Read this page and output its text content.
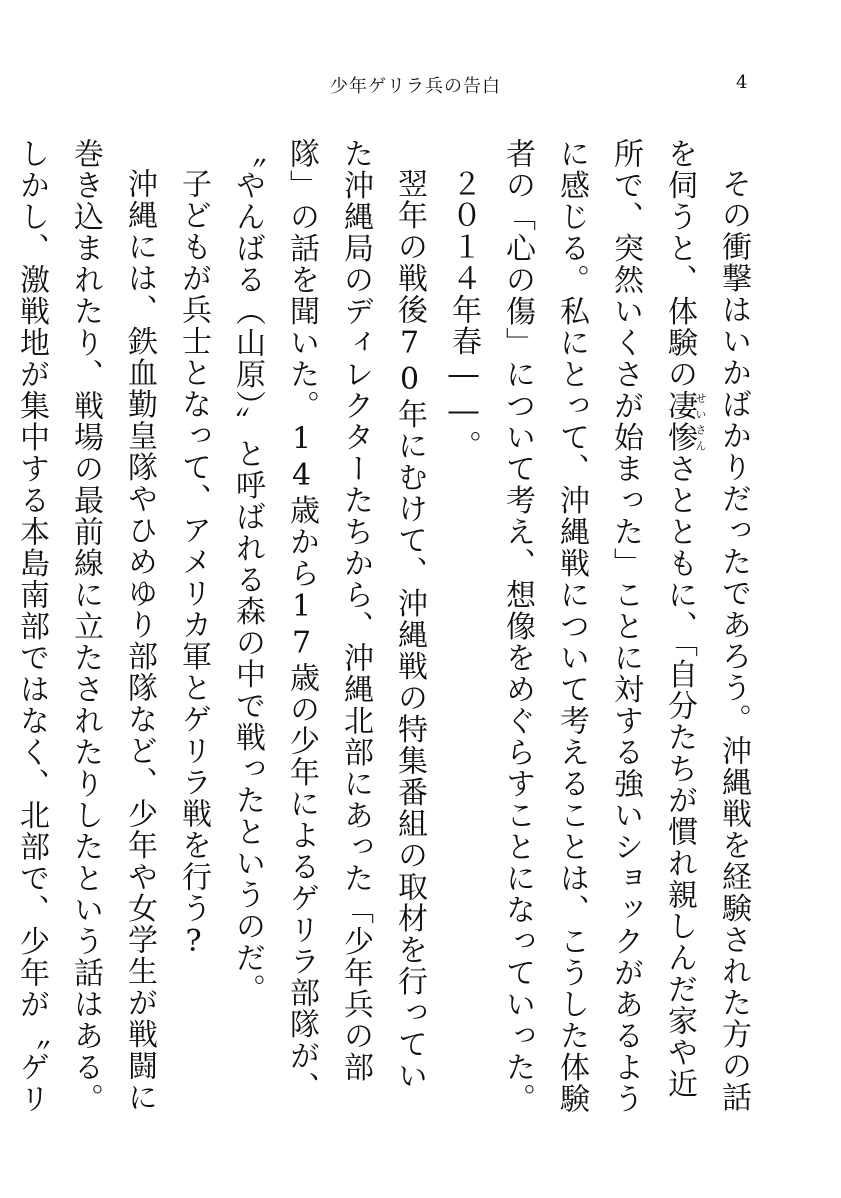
少年ゲリラ兵の告白	4

その衝撃はいかばかりだったであろう。沖縄戦を経験された方の話を伺うと、体験の凄惨せいさんさとともに、「自分たちが慣れ親しんだ家や近所で、突然いくさが始まった」ことに対する強いショックがあるように感じる。私にとって、沖縄戦について考えることは、こうした体験者の「心の傷」について考え、想像をめぐらすことになっていった。

２０１４年春――。

翌年の戦後70年にむけて、沖縄戦の特集番組の取材を行っていた沖縄局のディレクターたちから、沖縄北部にあった「少年兵の部隊」の話を聞いた。14歳から17歳の少年によるゲリラ部隊が、〝やんばる（山原）〟と呼ばれる森の中で戦ったというのだ。

子どもが兵士となって、アメリカ軍とゲリラ戦を行う?

沖縄には、鉄血勤皇隊やひめゆり部隊など、少年や女学生が戦闘に巻き込まれたり、戦場の最前線に立たされたりしたという話はある。しかし、激戦地が集中する本島南部ではなく、北部で、少年が〝ゲリ
